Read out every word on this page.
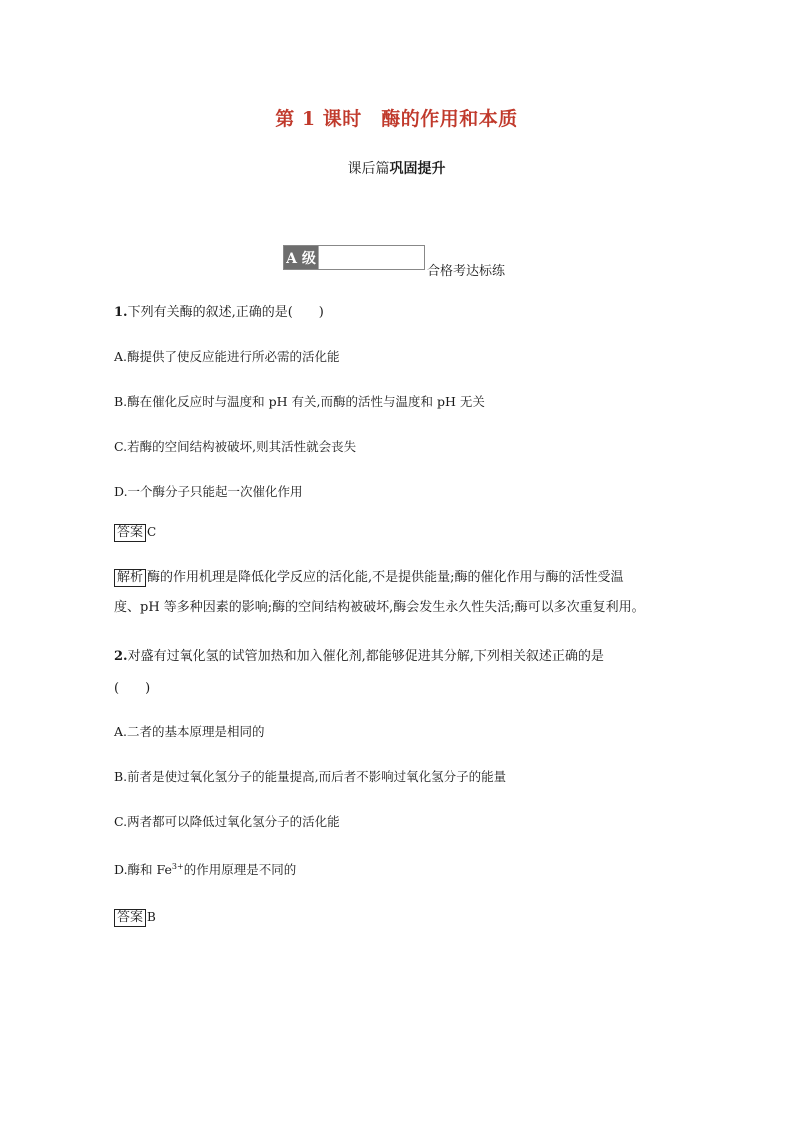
第 1 课时　酶的作用和本质
课后篇巩固提升
A 级
合格考达标练
1.下列有关酶的叙述,正确的是(　　)
A.酶提供了使反应能进行所必需的活化能
B.酶在催化反应时与温度和 pH 有关,而酶的活性与温度和 pH 无关
C.若酶的空间结构被破坏,则其活性就会丧失
D.一个酶分子只能起一次催化作用
答案 C
解析 酶的作用机理是降低化学反应的活化能,不是提供能量;酶的催化作用与酶的活性受温
度、pH 等多种因素的影响;酶的空间结构被破坏,酶会发生永久性失活;酶可以多次重复利用。
2.对盛有过氧化氢的试管加热和加入催化剂,都能够促进其分解,下列相关叙述正确的是
(　　)
A.二者的基本原理是相同的
B.前者是使过氧化氢分子的能量提高,而后者不影响过氧化氢分子的能量
C.两者都可以降低过氧化氢分子的活化能
D.酶和 $Fe^{3+}$的作用原理是不同的
答案 B
